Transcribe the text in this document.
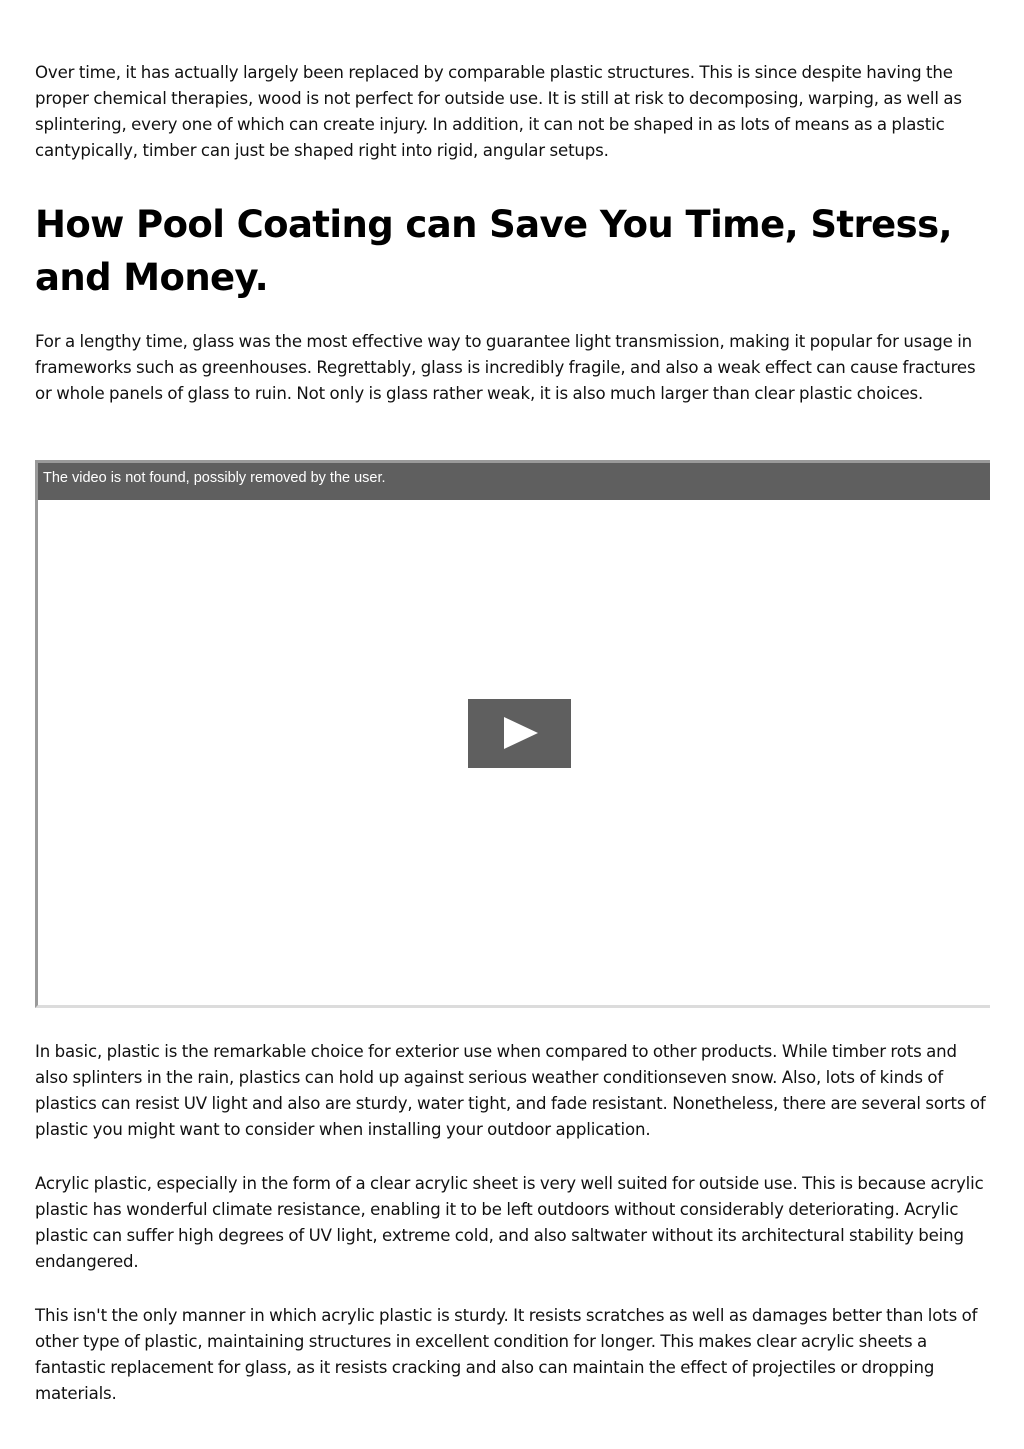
Over time, it has actually largely been replaced by comparable plastic structures. This is since despite having the proper chemical therapies, wood is not perfect for outside use. It is still at risk to decomposing, warping, as well as splintering, every one of which can create injury. In addition, it can not be shaped in as lots of means as a plastic cantypically, timber can just be shaped right into rigid, angular setups.

How Pool Coating can Save You Time, Stress, and Money.

For a lengthy time, glass was the most effective way to guarantee light transmission, making it popular for usage in frameworks such as greenhouses. Regrettably, glass is incredibly fragile, and also a weak effect can cause fractures or whole panels of glass to ruin. Not only is glass rather weak, it is also much larger than clear plastic choices.

The video is not found, possibly removed by the user.

In basic, plastic is the remarkable choice for exterior use when compared to other products. While timber rots and also splinters in the rain, plastics can hold up against serious weather conditionseven snow. Also, lots of kinds of plastics can resist UV light and also are sturdy, water tight, and fade resistant. Nonetheless, there are several sorts of plastic you might want to consider when installing your outdoor application.

Acrylic plastic, especially in the form of a clear acrylic sheet is very well suited for outside use. This is because acrylic plastic has wonderful climate resistance, enabling it to be left outdoors without considerably deteriorating. Acrylic plastic can suffer high degrees of UV light, extreme cold, and also saltwater without its architectural stability being endangered.

This isn't the only manner in which acrylic plastic is sturdy. It resists scratches as well as damages better than lots of other type of plastic, maintaining structures in excellent condition for longer. This makes clear acrylic sheets a fantastic replacement for glass, as it resists cracking and also can maintain the effect of projectiles or dropping materials.
